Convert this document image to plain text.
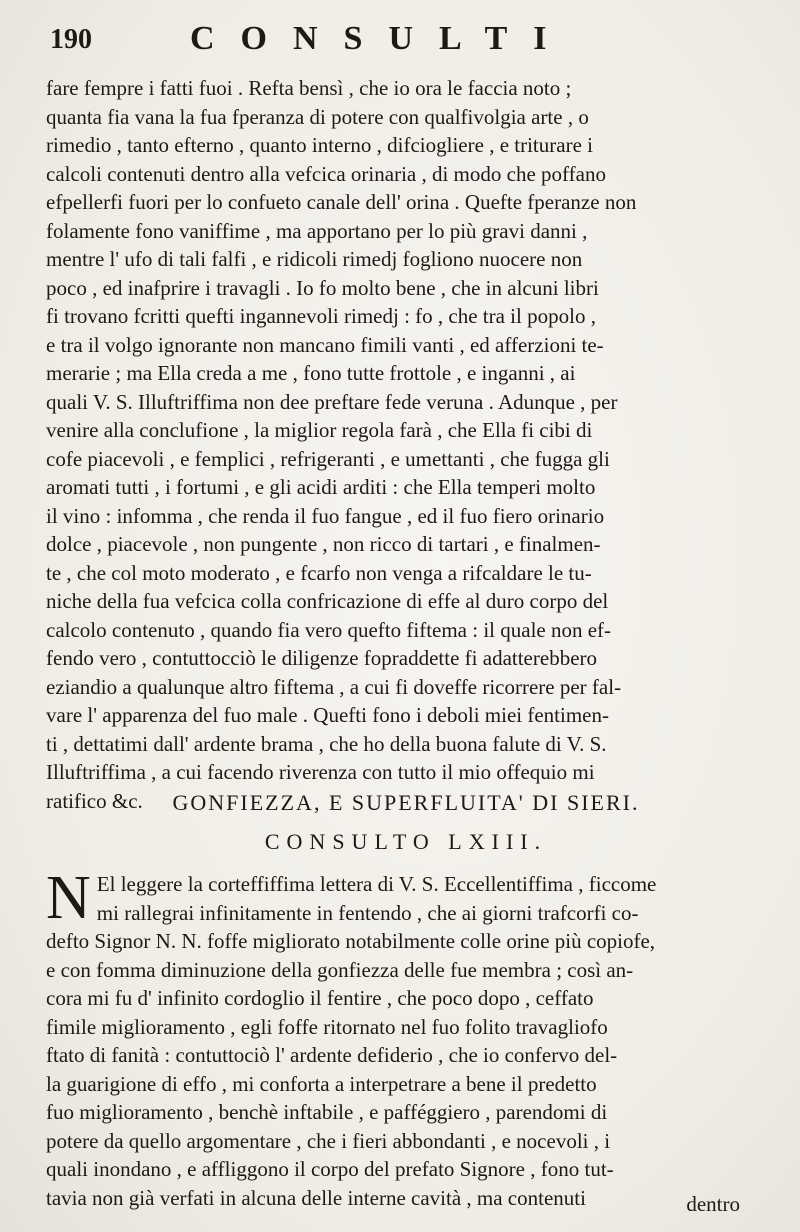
190	CONSULTI
fare fempre i fatti fuoi . Refta bensì , che io ora le faccia noto ;
quanta fia vana la fua fperanza di potere con qualfivolgia arte , o
rimedio , tanto efterno , quanto interno , difciogliere , e triturare i
calcoli contenuti dentro alla vefcica orinaria , di modo che poffano
efpellerfi fuori per lo confueto canale dell' orina . Quefte fperanze non
folamente fono vaniffime , ma apportano per lo più gravi danni ,
mentre l' ufo di tali falfi , e ridicoli rimedj fogliono nuocere non
poco , ed inafprire i travagli . Io fo molto bene , che in alcuni libri
fi trovano fcritti quefti ingannevoli rimedj : fo , che tra il popolo ,
e tra il volgo ignorante non mancano fimili vanti , ed afferzioni te-
merarie ; ma Ella creda a me , fono tutte frottole , e inganni , ai
quali V. S. Illuftriffima non dee preftare fede veruna . Adunque , per
venire alla conclufione , la miglior regola farà , che Ella fi cibi di
cofe piacevoli , e femplici , refrigeranti , e umettanti , che fugga gli
aromati tutti , i fortumi , e gli acidi arditi : che Ella temperi molto
il vino : infomma , che renda il fuo fangue , ed il fuo fiero orinario
dolce , piacevole , non pungente , non ricco di tartari , e finalmen-
te , che col moto moderato , e fcarfo non venga a rifcaldare le tu-
niche della fua vefcica colla confricazione di effe al duro corpo del
calcolo contenuto , quando fia vero quefto fiftema : il quale non ef-
fendo vero , contuttocciò le diligenze fopraddette fi adatterebbero
eziandio a qualunque altro fiftema , a cui fi doveffe ricorrere per fal-
vare l' apparenza del fuo male . Quefti fono i deboli miei fentimen-
ti , dettatimi dall' ardente brama , che ho della buona falute di V. S.
Illuftriffima , a cui facendo riverenza con tutto il mio offequio mi
ratifico &c.	GONFIEZZA, E SUPERFLUITA' DI SIERI.
CONSULTO LXIII.
N El leggere la corteffiffima lettera di V. S. Eccellentiffima , ficcome
mi rallegrai infinitamente in fentendo , che ai giorni trafcorfi co-
defto Signor N. N. foffe migliorato notabilmente colle orine più copiofe,
e con fomma diminuzione della gonfiezza delle fue membra ; così an-
cora mi fu d' infinito cordoglio il fentire , che poco dopo , ceffato
fimile miglioramento , egli foffe ritornato nel fuo folito travagliofo
ftato di fanità : contuttociò l' ardente defiderio , che io confervo del-
la guarigione di effo , mi conforta a interpetrare a bene il predetto
fuo miglioramento , benchè inftabile , e pafféggiero , parendomi di
potere da quello argomentare , che i fieri abbondanti , e nocevoli , i
quali inondano , e affliggono il corpo del prefato Signore , fono tut-
tavia non già verfati in alcuna delle interne cavità , ma contenuti	dentro
